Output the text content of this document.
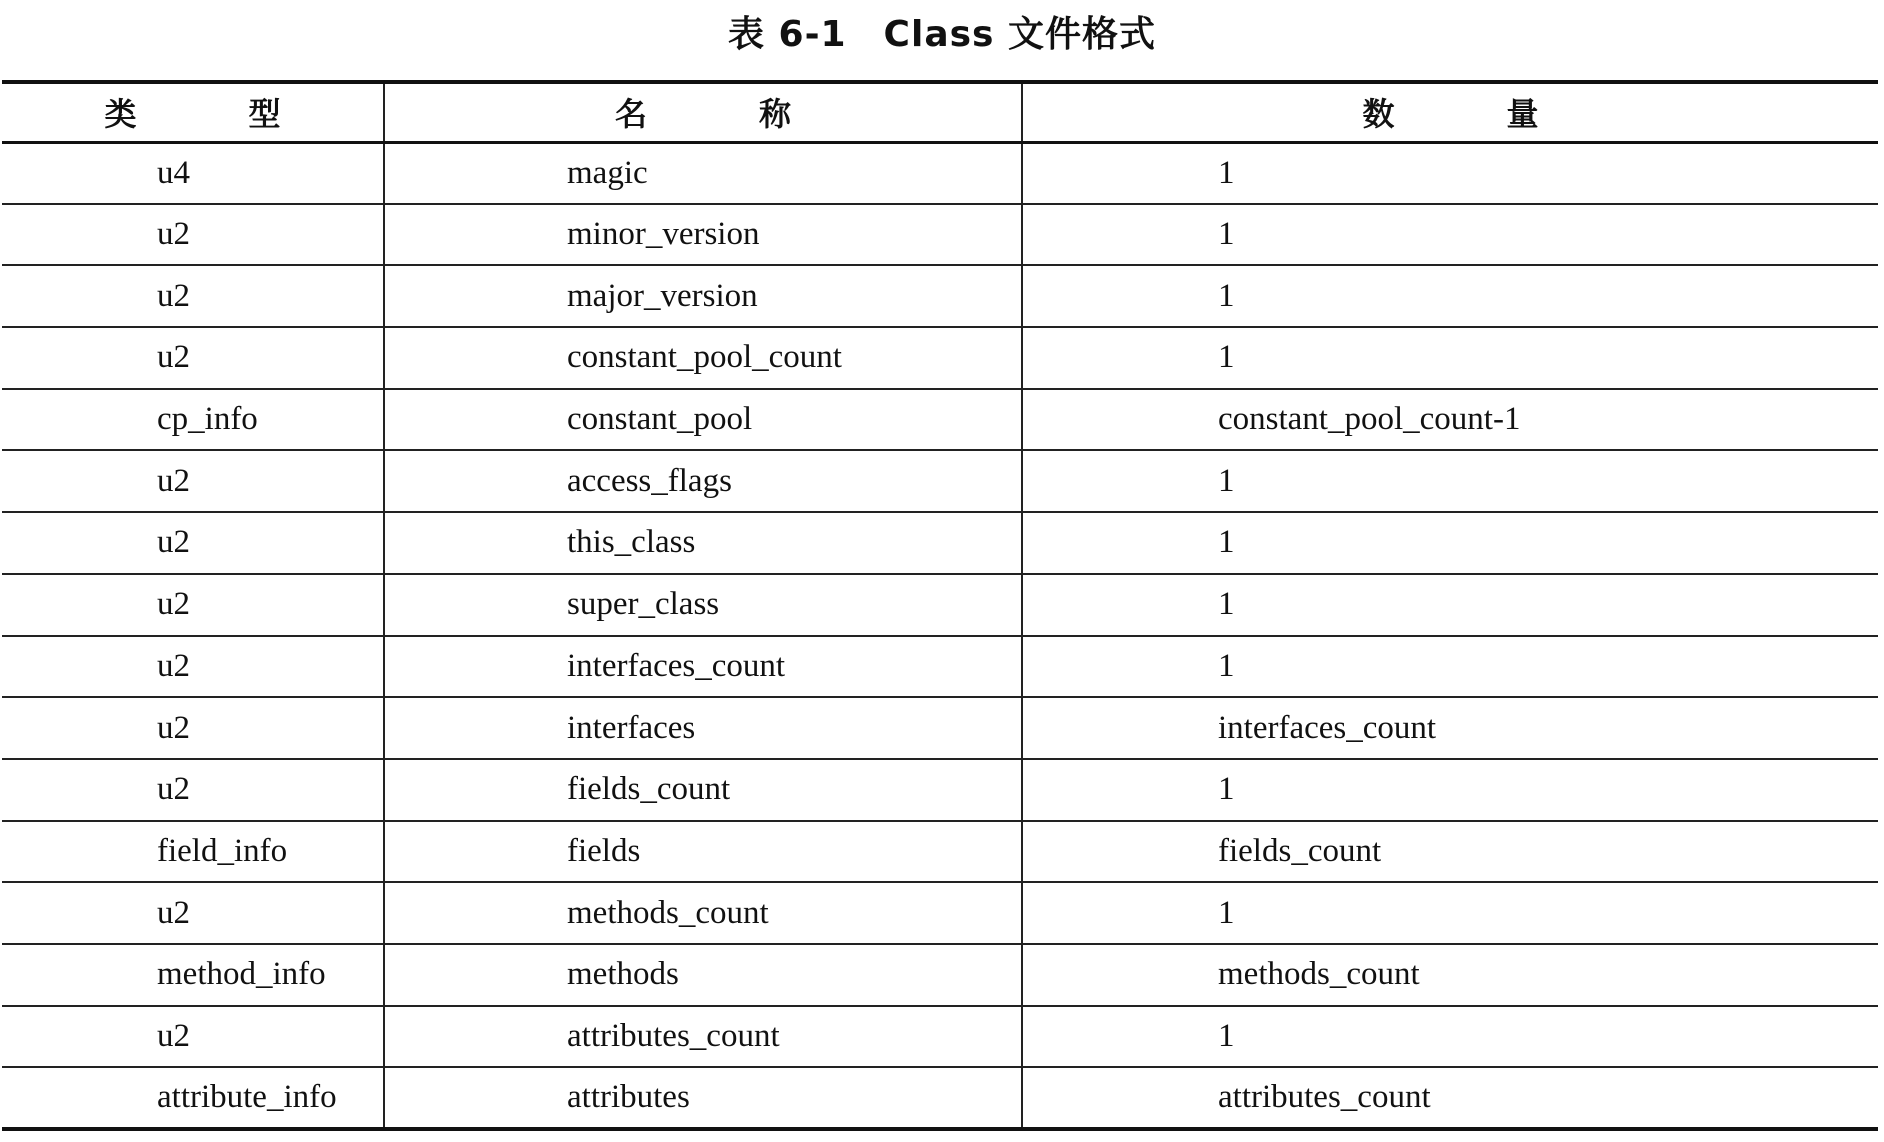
表 6-1　Class 文件格式
类　型	名　称	数　量
u4	magic	1
u2	minor_version	1
u2	major_version	1
u2	constant_pool_count	1
cp_info	constant_pool	constant_pool_count-1
u2	access_flags	1
u2	this_class	1
u2	super_class	1
u2	interfaces_count	1
u2	interfaces	interfaces_count
u2	fields_count	1
field_info	fields	fields_count
u2	methods_count	1
method_info	methods	methods_count
u2	attributes_count	1
attribute_info	attributes	attributes_count
